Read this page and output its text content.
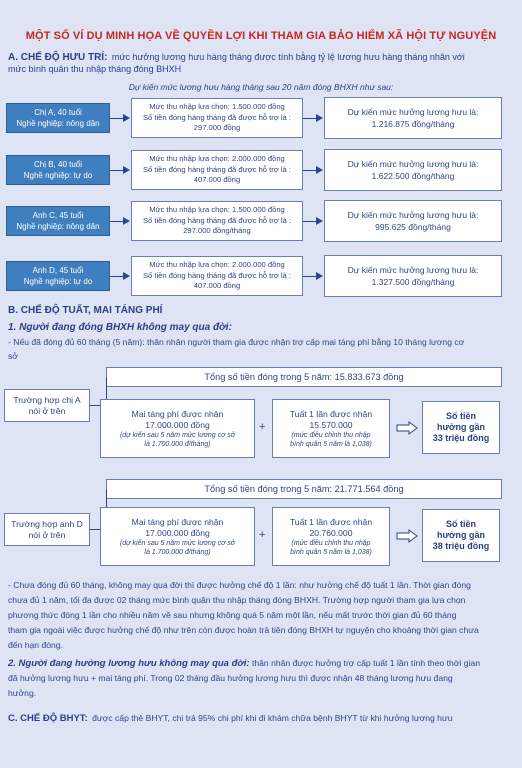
MỘT SỐ VÍ DỤ MINH HỌA VỀ QUYỀN LỢI KHI THAM GIA BẢO HIỂM XÃ HỘI TỰ NGUYỆN
A. CHẾ ĐỘ HƯU TRÍ: mức hưởng lương hưu hàng tháng được tính bằng tỷ lệ lương hưu hàng tháng nhân với
mức bình quân thu nhập tháng đóng BHXH
Dự kiến mức lương hưu hàng tháng sau 20 năm đóng BHXH như sau:
Chị A, 40 tuổi
Nghề nghiệp: nông dân
Mức thu nhập lựa chọn: 1.500.000 đồng
Số tiền đóng hàng tháng đã được hỗ trợ là :
297.000 đồng
Dự kiến mức hưởng lương hưu là:
1.216.875 đồng/tháng
Chị B, 40 tuổi
Nghề nghiệp: tự do
Mức thu nhập lựa chọn: 2.000.000 đồng
Số tiền đóng hàng tháng đã được hỗ trợ là :
407.000 đồng
Dự kiến mức hưởng lương hưu là:
1.622.500 đồng/tháng
Anh C, 45 tuổi
Nghề nghiệp: nông dân
Mức thu nhập lựa chọn: 1.500.000 đồng
Số tiền đóng hàng tháng đã được hỗ trợ là :
297.000 đồng/tháng
Dự kiến mức hưởng lương hưu là:
995.625 đồng/tháng
Anh D, 45 tuổi
Nghề nghiệp: tự do
Mức thu nhập lựa chọn: 2.000.000 đồng
Số tiền đóng hàng tháng đã được hỗ trợ là :
407.000 đồng
Dự kiến mức hưởng lương hưu là:
1.327.500 đồng/tháng
B. CHẾ ĐỘ TUẤT, MAI TÁNG PHÍ
1. Người đang đóng BHXH không may qua đời:
- Nếu đã đóng đủ 60 tháng (5 năm): thân nhân người tham gia được nhận trợ cấp mai táng phí bằng 10 tháng lương cơ
sở
Tổng số tiền đóng trong 5 năm: 15.833.673 đồng
Trường hợp chị A
nói ở trên	Mai táng phí được nhận
17.000.000 đồng
(dự kiến sau 5 năm mức lương cơ sở
là 1.700.000 đ/tháng)
+
Tuất 1 lần được nhận
15.570.000
(mức điều chỉnh thu nhập
bình quân 5 năm là 1,038)
Số tiền
hưởng gần
33 triệu đồng
Tổng số tiền đóng trong 5 năm: 21.771.564 đồng
Trường hợp anh D
nói ở trên
Mai táng phí được nhận
17.000.000 đồng
(dự kiến sau 5 năm mức lương cơ sở
là 1.700.000 đ/tháng)
+
Tuất 1 lần được nhận
20.760.000
(mức điều chỉnh thu nhập
bình quân 5 năm là 1,038)
Số tiền
hưởng gần
38 triệu đồng
- Chưa đóng đủ 60 tháng, không may qua đời thì được hưởng chế độ 1 lần: như hưởng chế độ tuất 1 lần. Thời gian đóng
chưa đủ 1 năm, tối đa được 02 tháng mức bình quân thu nhập tháng đóng BHXH. Trường hợp người tham gia lựa chọn
phương thức đóng 1 lần cho nhiều năm về sau nhưng không quá 5 năm một lần, nếu mất trước thời gian đủ 60 tháng
tham gia ngoài việc được hưởng chế độ như trên còn được hoàn trả tiền đóng BHXH tự nguyện cho khoảng thời gian chưa
đến hạn đóng.
2. Người đang hưởng lương hưu không may qua đời: thân nhân được hưởng trợ cấp tuất 1 lần tính theo thời gian
đã hưởng lương hưu + mai táng phí. Trong 02 tháng đầu hưởng lương hưu thì được nhận 48 tháng lương hưu đang
hưởng.
C. CHẾ ĐỘ BHYT: được cấp thẻ BHYT, chi trả 95% chi phí khi đi khám chữa bệnh BHYT từ khi hưởng lương hưu
